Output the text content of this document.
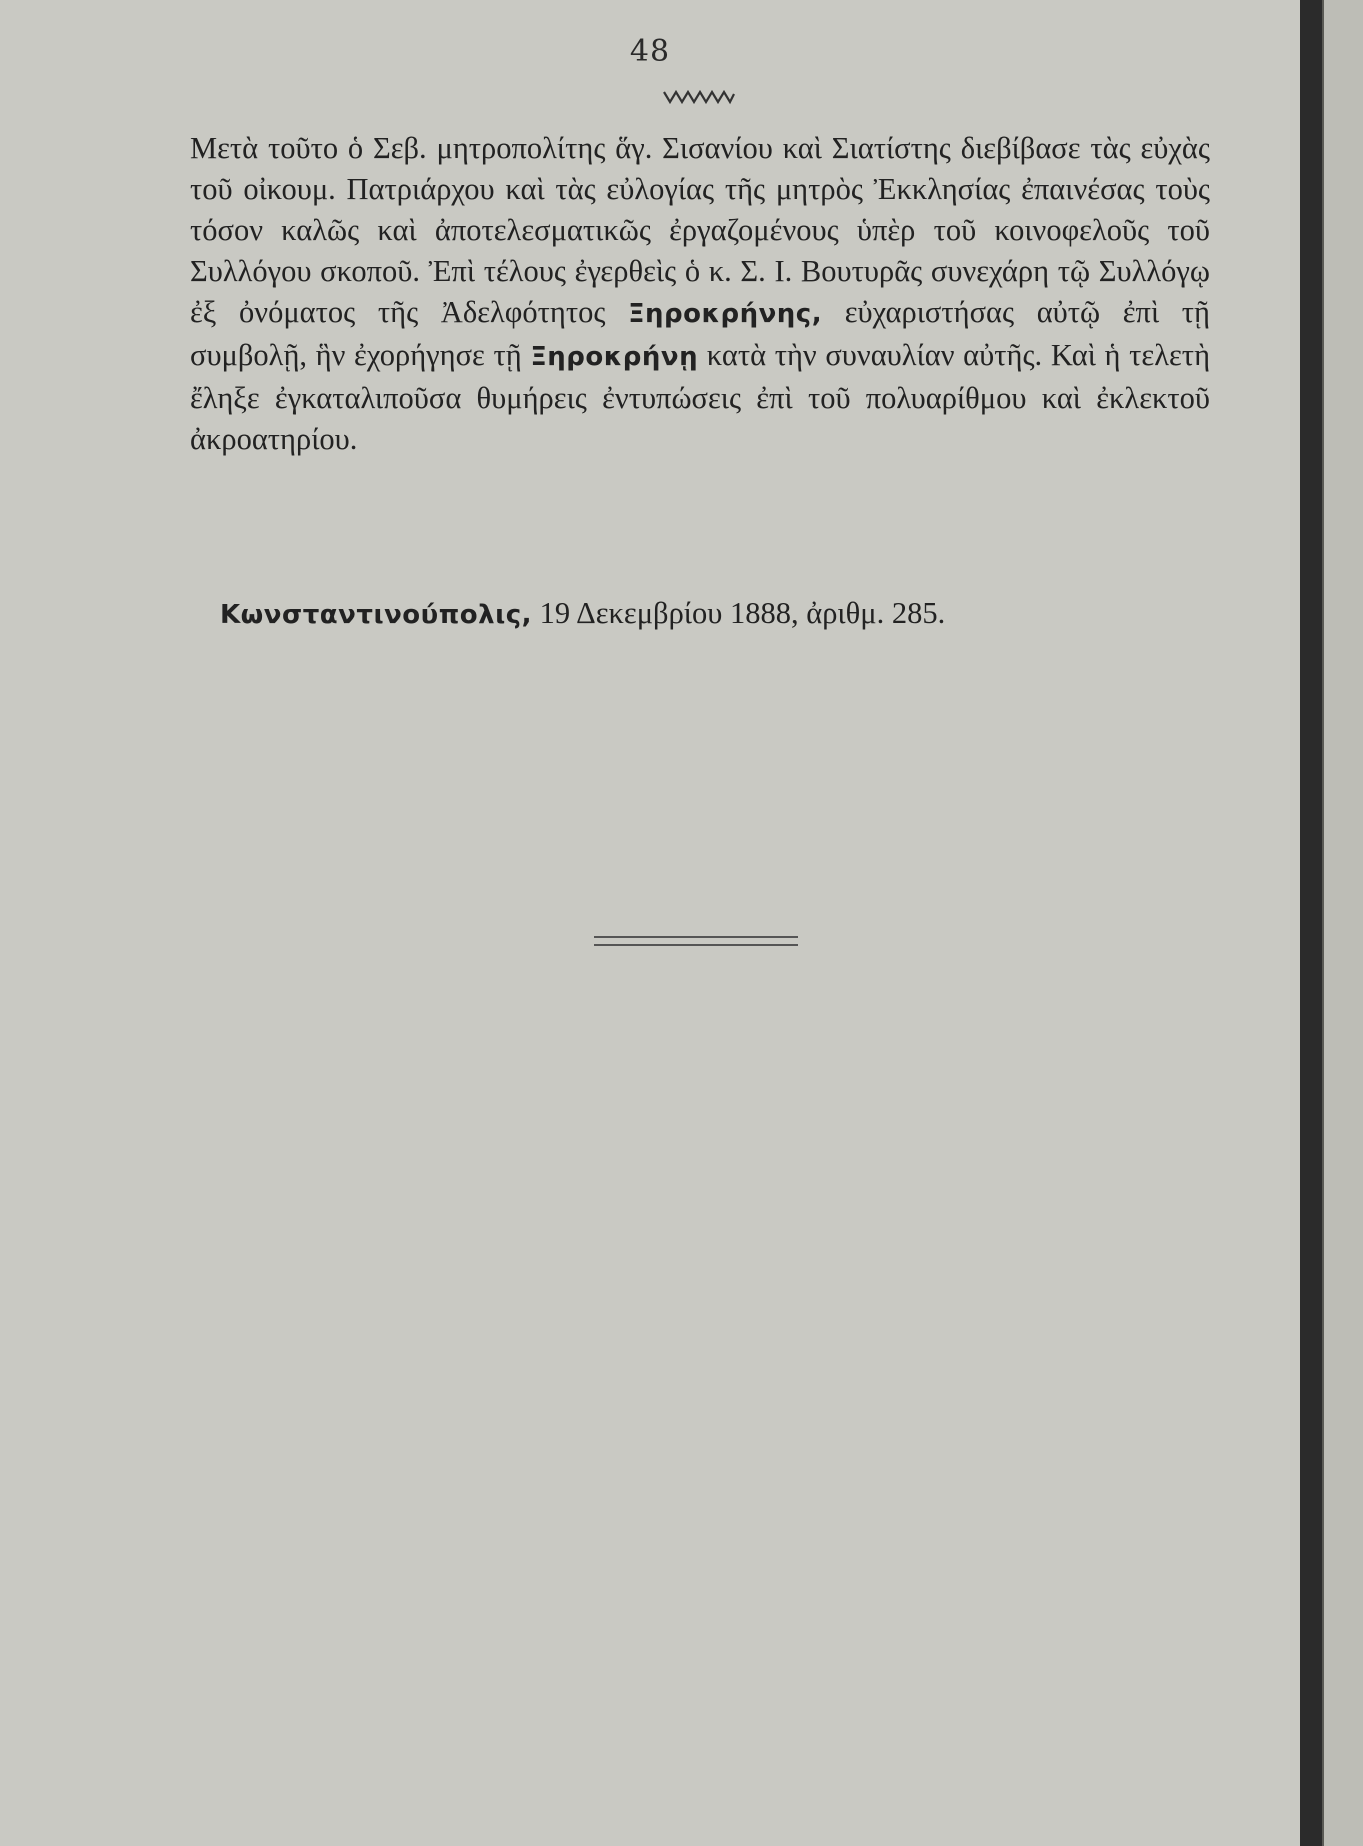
48
Μετὰ τοῦτο ὁ Σεβ. μητροπολίτης ἅγ. Σισανίου καὶ Σιατίστης διεβίβασε τὰς εὐχὰς τοῦ οἰκουμ. Πατριάρχου καὶ τὰς εὐλογίας τῆς μητρὸς Ἐκκλησίας ἐπαινέσας τοὺς τόσον καλῶς καὶ ἀποτελεσματικῶς ἐργαζομένους ὑπὲρ τοῦ κοινοφελοῦς τοῦ Συλλόγου σκοποῦ. Ἐπὶ τέλους ἐγερθεὶς ὁ κ. Σ. Ι. Βουτυρᾶς συνεχάρη τῷ Συλλόγῳ ἐξ ὀνόματος τῆς Ἀδελφότητος Ξηροκρήνης, εὐχαριστήσας αὐτῷ ἐπὶ τῇ συμβολῇ, ἣν ἐχορήγησε τῇ Ξηροκρήνῃ κατὰ τὴν συναυλίαν αὐτῆς. Καὶ ἡ τελετὴ ἔληξε ἐγκαταλιποῦσα θυμήρεις ἐντυπώσεις ἐπὶ τοῦ πολυαρίθμου καὶ ἐκλεκτοῦ ἀκροατηρίου.
Κωνσταντινούπολις, 19 Δεκεμβρίου 1888, ἀριθμ. 285.
